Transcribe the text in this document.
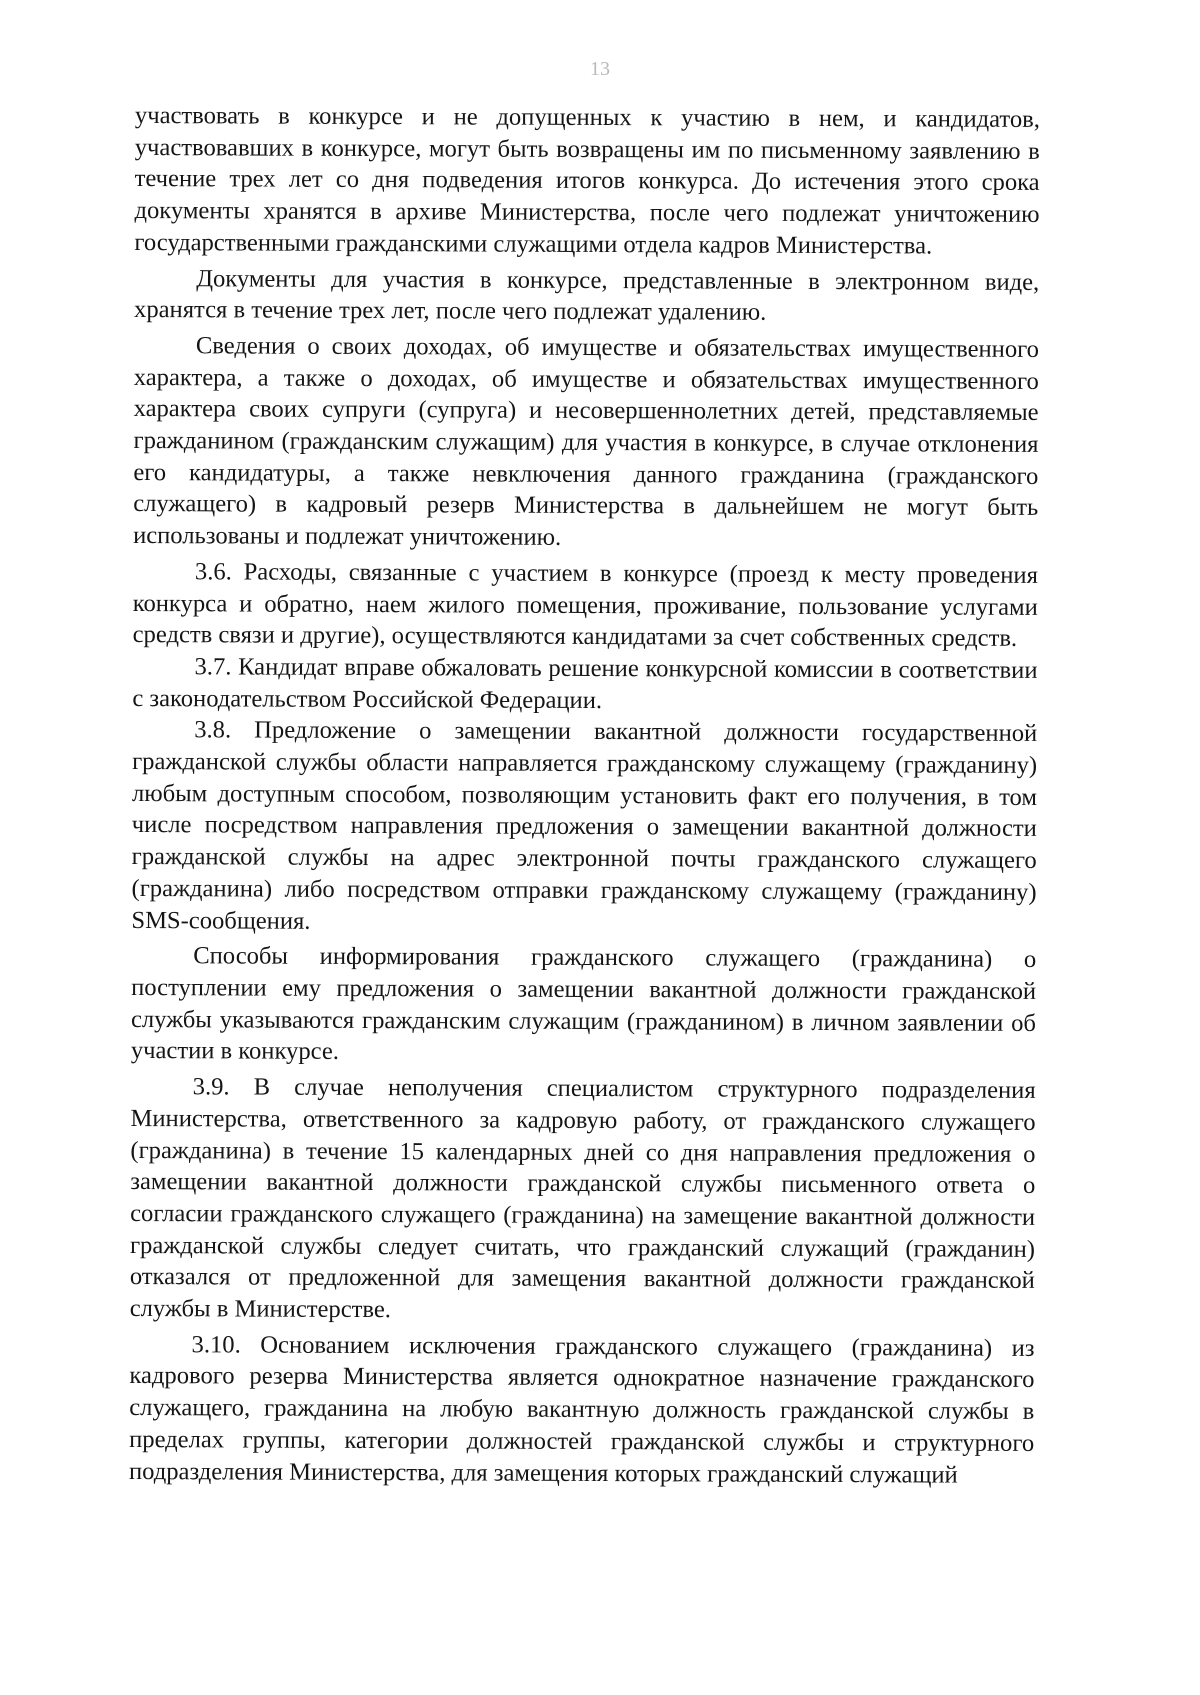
13

участвовать в конкурсе и не допущенных к участию в нем, и кандидатов, участвовавших в конкурсе, могут быть возвращены им по письменному заявлению в течение трех лет со дня подведения итогов конкурса. До истечения этого срока документы хранятся в архиве Министерства, после чего подлежат уничтожению государственными гражданскими служащими отдела кадров Министерства.

Документы для участия в конкурсе, представленные в электронном виде, хранятся в течение трех лет, после чего подлежат удалению.

Сведения о своих доходах, об имуществе и обязательствах имущественного характера, а также о доходах, об имуществе и обязательствах имущественного характера своих супруги (супруга) и несовершеннолетних детей, представляемые гражданином (гражданским служащим) для участия в конкурсе, в случае отклонения его кандидатуры, а также невключения данного гражданина (гражданского служащего) в кадровый резерв Министерства в дальнейшем не могут быть использованы и подлежат уничтожению.

3.6. Расходы, связанные с участием в конкурсе (проезд к месту проведения конкурса и обратно, наем жилого помещения, проживание, пользование услугами средств связи и другие), осуществляются кандидатами за счет собственных средств.

3.7. Кандидат вправе обжаловать решение конкурсной комиссии в соответствии с законодательством Российской Федерации.

3.8. Предложение о замещении вакантной должности государственной гражданской службы области направляется гражданскому служащему (гражданину) любым доступным способом, позволяющим установить факт его получения, в том числе посредством направления предложения о замещении вакантной должности гражданской службы на адрес электронной почты гражданского служащего (гражданина) либо посредством отправки гражданскому служащему (гражданину) SMS-сообщения.

Способы информирования гражданского служащего (гражданина) о поступлении ему предложения о замещении вакантной должности гражданской службы указываются гражданским служащим (гражданином) в личном заявлении об участии в конкурсе.

3.9. В случае неполучения специалистом структурного подразделения Министерства, ответственного за кадровую работу, от гражданского служащего (гражданина) в течение 15 календарных дней со дня направления предложения о замещении вакантной должности гражданской службы письменного ответа о согласии гражданского служащего (гражданина) на замещение вакантной должности гражданской службы следует считать, что гражданский служащий (гражданин) отказался от предложенной для замещения вакантной должности гражданской службы в Министерстве.

3.10. Основанием исключения гражданского служащего (гражданина) из кадрового резерва Министерства является однократное назначение гражданского служащего, гражданина на любую вакантную должность гражданской службы в пределах группы, категории должностей гражданской службы и структурного подразделения Министерства, для замещения которых гражданский служащий
